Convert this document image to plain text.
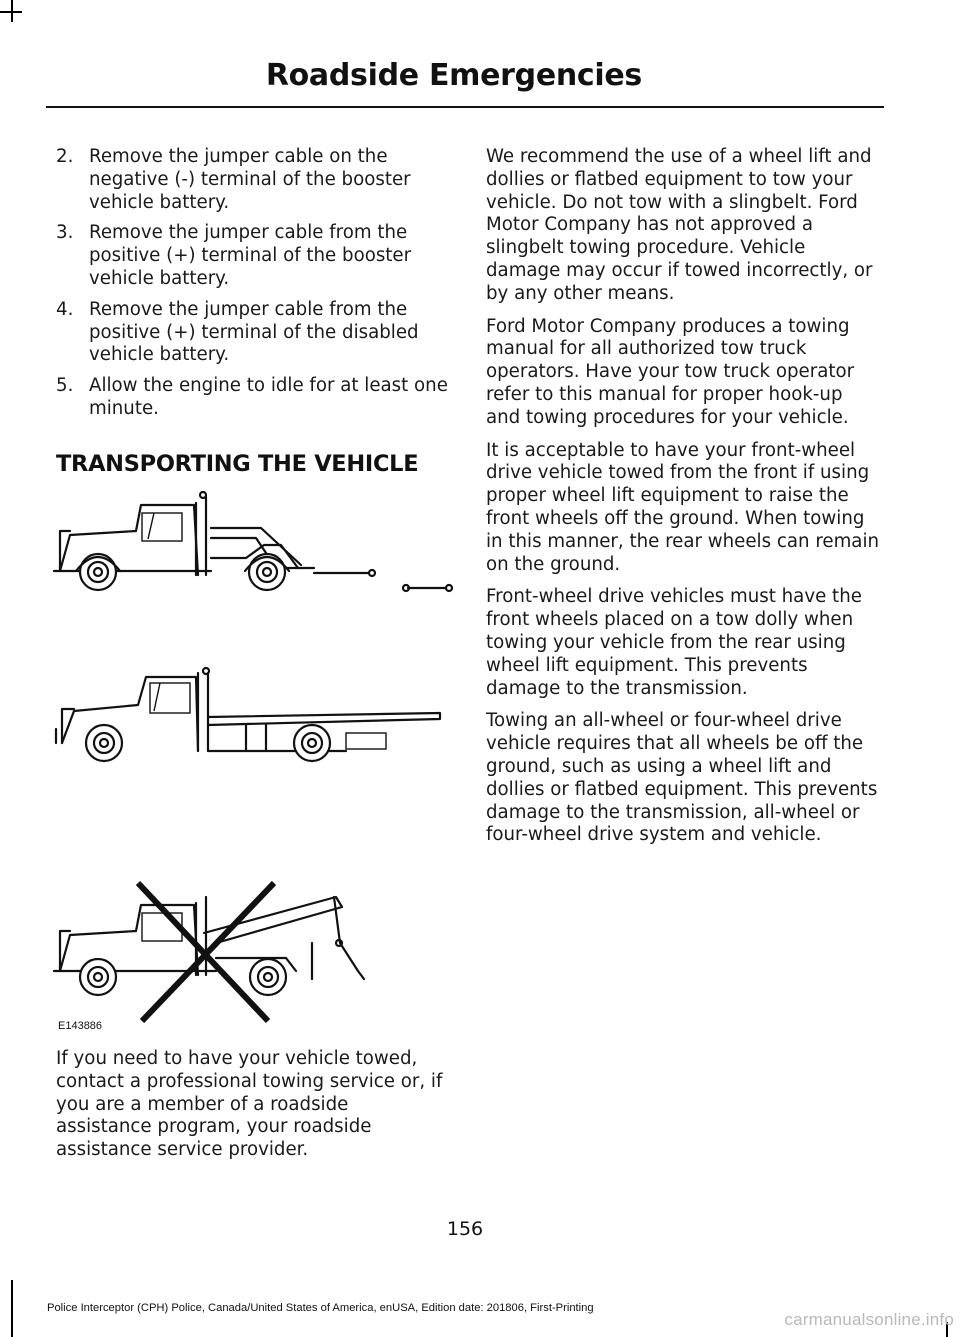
Roadside Emergencies
2. Remove the jumper cable on the negative (-) terminal of the booster vehicle battery.
3. Remove the jumper cable from the positive (+) terminal of the booster vehicle battery.
4. Remove the jumper cable from the positive (+) terminal of the disabled vehicle battery.
5. Allow the engine to idle for at least one minute.
TRANSPORTING THE VEHICLE
E143886

If you need to have your vehicle towed, contact a professional towing service or, if you are a member of a roadside assistance program, your roadside assistance service provider.

We recommend the use of a wheel lift and dollies or flatbed equipment to tow your vehicle. Do not tow with a slingbelt. Ford Motor Company has not approved a slingbelt towing procedure. Vehicle damage may occur if towed incorrectly, or by any other means.

Ford Motor Company produces a towing manual for all authorized tow truck operators. Have your tow truck operator refer to this manual for proper hook-up and towing procedures for your vehicle.

It is acceptable to have your front-wheel drive vehicle towed from the front if using proper wheel lift equipment to raise the front wheels off the ground. When towing in this manner, the rear wheels can remain on the ground.

Front-wheel drive vehicles must have the front wheels placed on a tow dolly when towing your vehicle from the rear using wheel lift equipment. This prevents damage to the transmission.

Towing an all-wheel or four-wheel drive vehicle requires that all wheels be off the ground, such as using a wheel lift and dollies or flatbed equipment. This prevents damage to the transmission, all-wheel or four-wheel drive system and vehicle.

156
Police Interceptor (CPH) Police, Canada/United States of America, enUSA, Edition date: 201806, First-Printing
carmanualsonline.info
